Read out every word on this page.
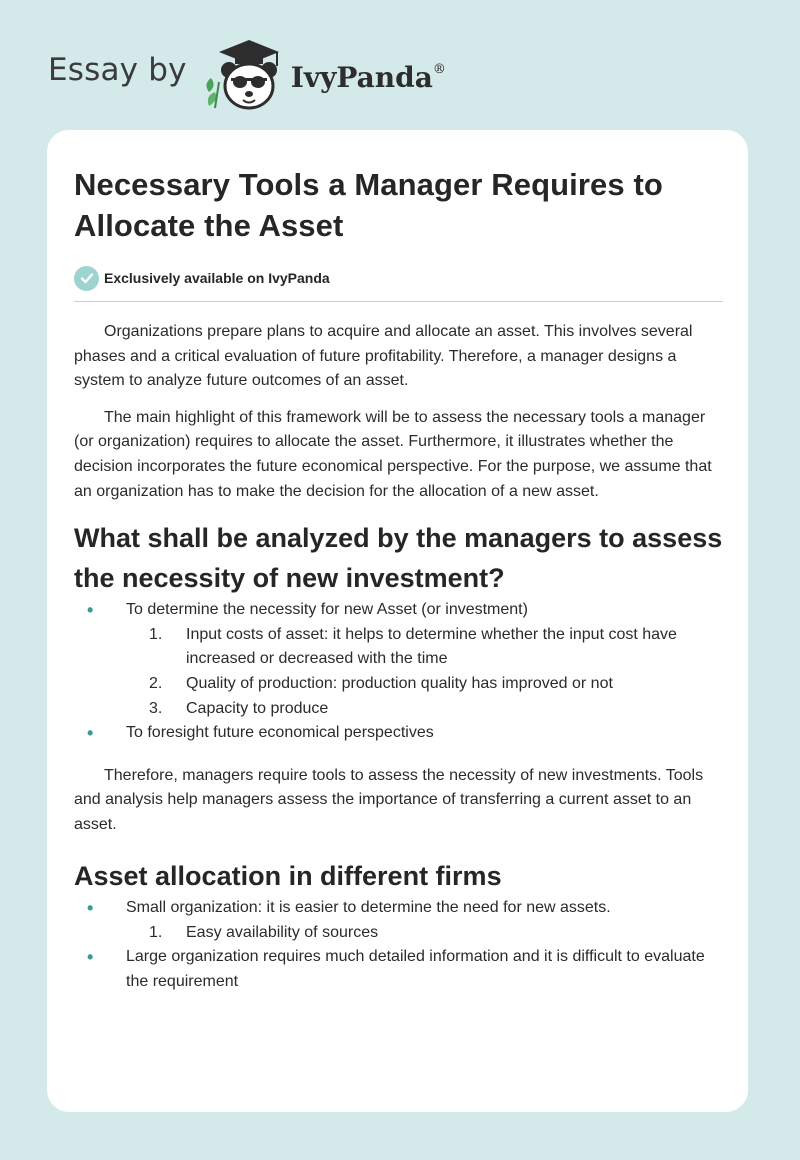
Essay by	IvyPanda®
Necessary Tools a Manager Requires to Allocate the Asset
Exclusively available on IvyPanda

Organizations prepare plans to acquire and allocate an asset. This involves several phases and a critical evaluation of future profitability. Therefore, a manager designs a system to analyze future outcomes of an asset.

The main highlight of this framework will be to assess the necessary tools a manager (or organization) requires to allocate the asset. Furthermore, it illustrates whether the decision incorporates the future economical perspective. For the purpose, we assume that an organization has to make the decision for the allocation of a new asset.

What shall be analyzed by the managers to assess the necessity of new investment?
• To determine the necessity for new Asset (or investment)
1. Input costs of asset: it helps to determine whether the input cost have increased or decreased with the time
2. Quality of production: production quality has improved or not
3. Capacity to produce
• To foresight future economical perspectives

Therefore, managers require tools to assess the necessity of new investments. Tools and analysis help managers assess the importance of transferring a current asset to an asset.

Asset allocation in different firms
• Small organization: it is easier to determine the need for new assets.
1. Easy availability of sources
• Large organization requires much detailed information and it is difficult to evaluate the requirement
